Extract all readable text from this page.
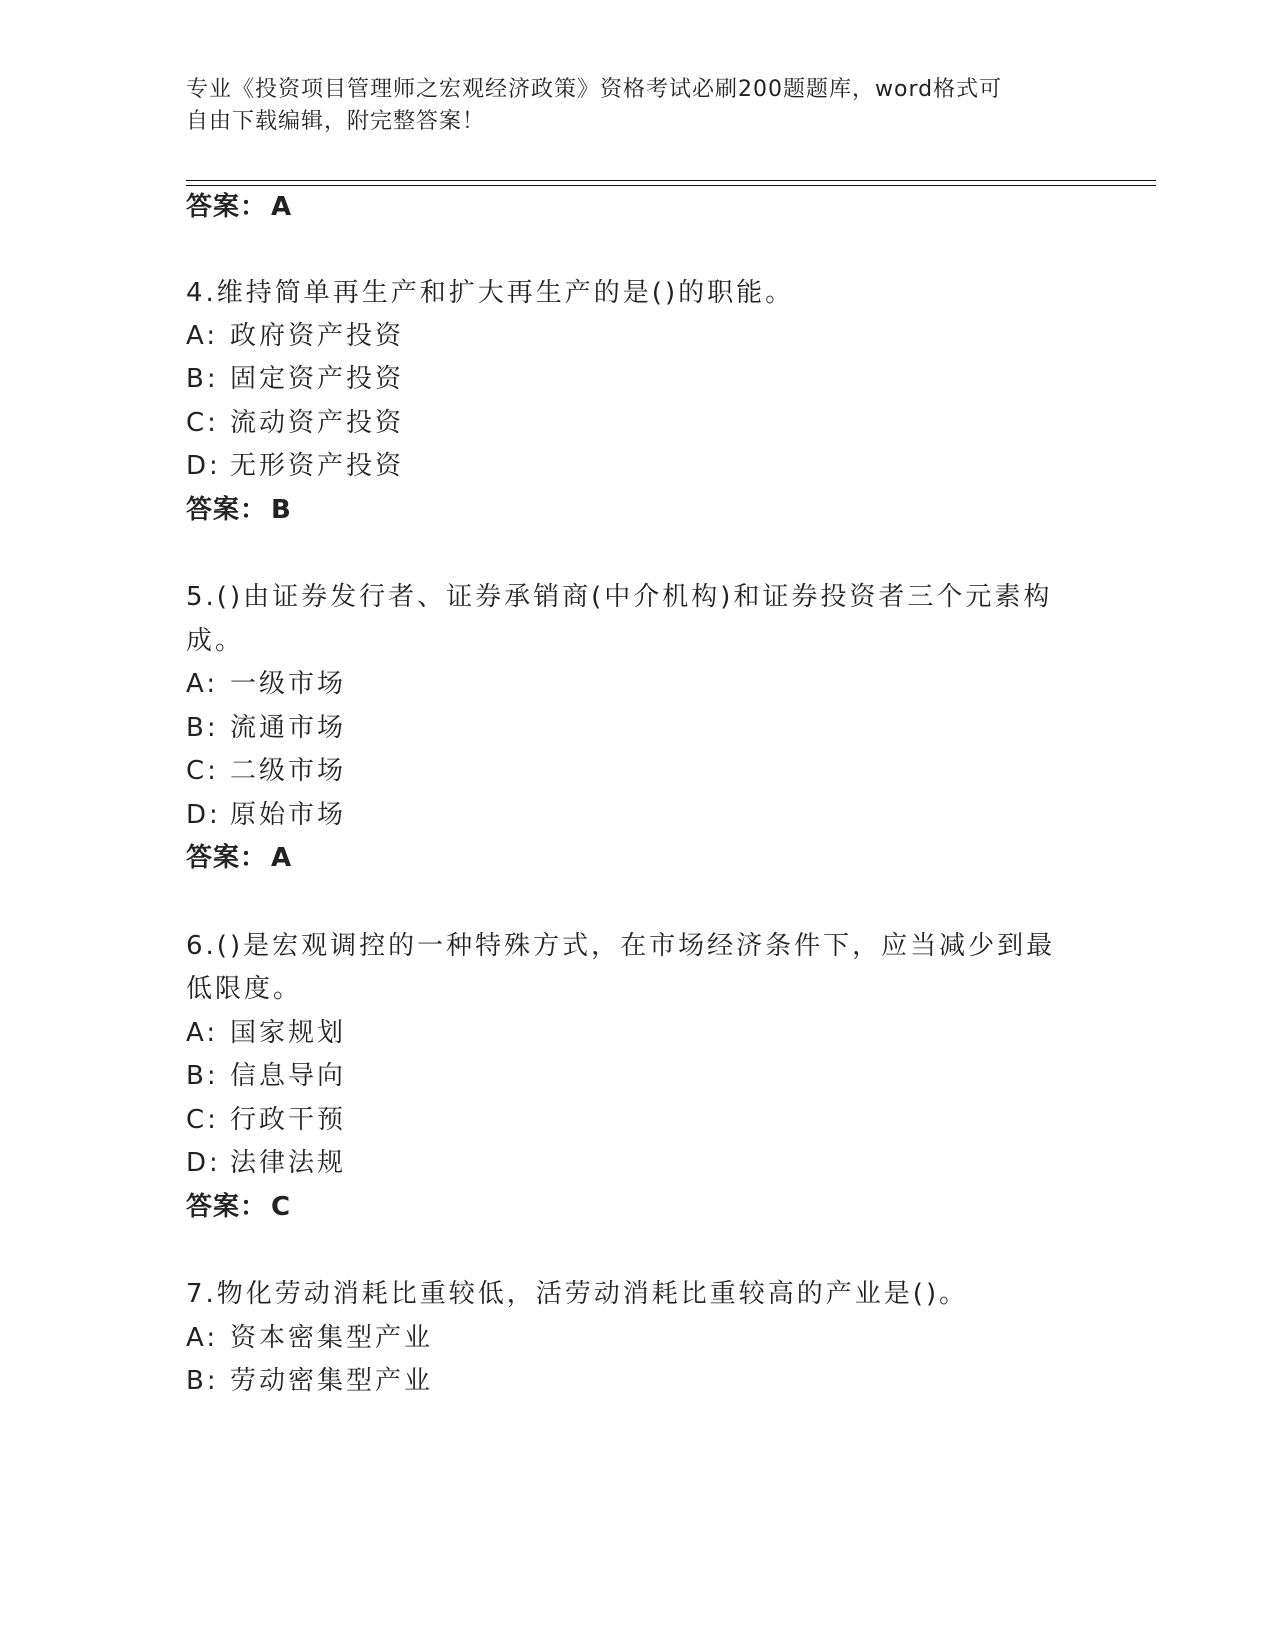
专业《投资项目管理师之宏观经济政策》资格考试必刷200题题库，word格式可
自由下载编辑，附完整答案！
答案： A
4.维持简单再生产和扩大再生产的是()的职能。
A: 政府资产投资
B: 固定资产投资
C: 流动资产投资
D: 无形资产投资
答案： B
5.()由证券发行者、证券承销商(中介机构)和证券投资者三个元素构
成。
A: 一级市场
B: 流通市场
C: 二级市场
D: 原始市场
答案： A
6.()是宏观调控的一种特殊方式，在市场经济条件下，应当减少到最
低限度。
A: 国家规划
B: 信息导向
C: 行政干预
D: 法律法规
答案： C
7.物化劳动消耗比重较低，活劳动消耗比重较高的产业是()。
A: 资本密集型产业
B: 劳动密集型产业
